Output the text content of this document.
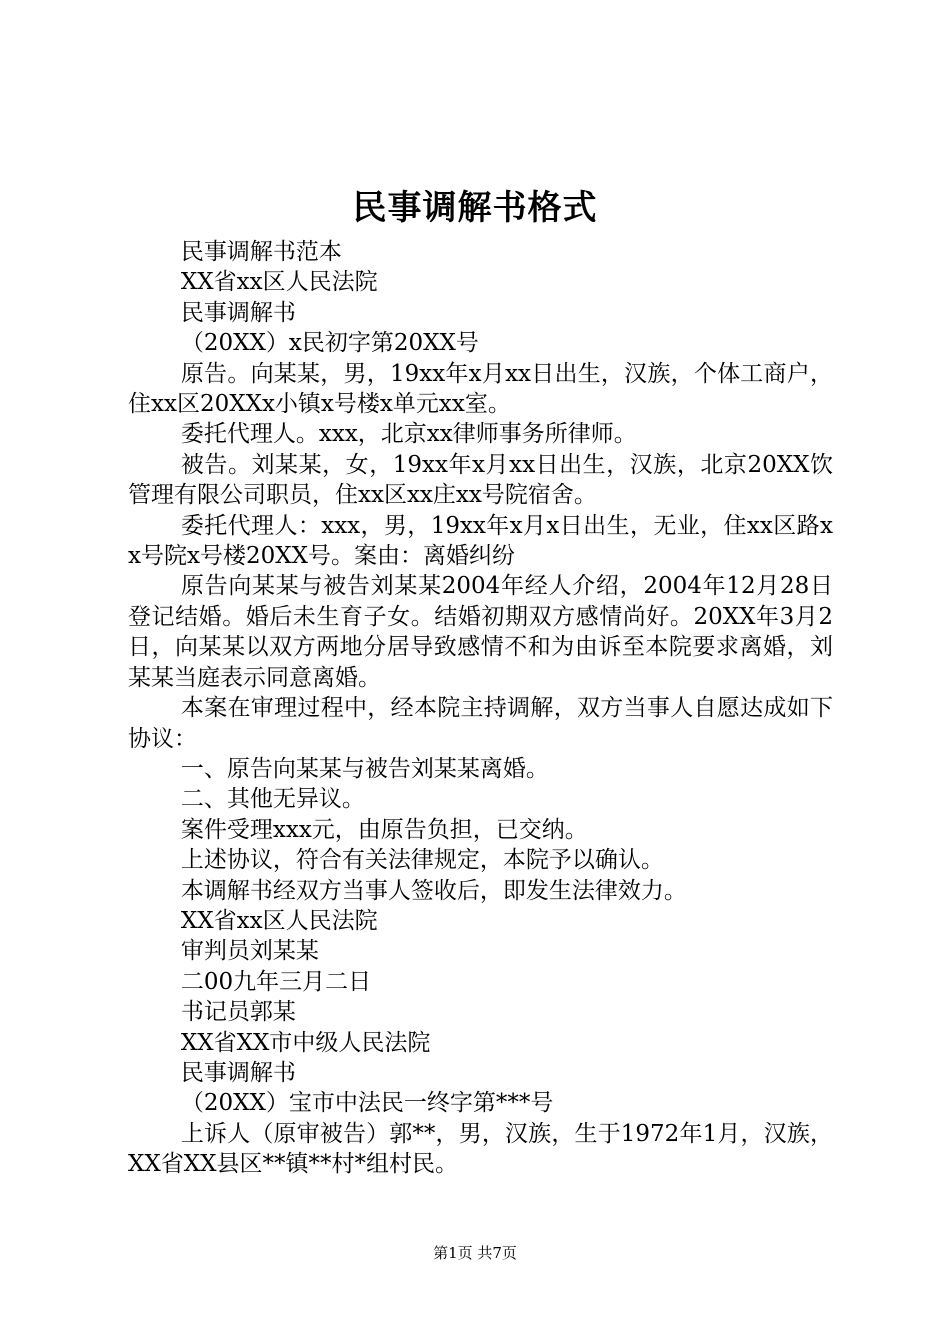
民事调解书格式

民事调解书范本

XX省xx区人民法院

民事调解书

（20XX）x民初字第20XX号

原告。向某某，男，19xx年x月xx日出生，汉族，个体工商户，住xx区20XXx小镇x号楼x单元xx室。

委托代理人。xxx，北京xx律师事务所律师。

被告。刘某某，女，19xx年x月xx日出生，汉族，北京20XX饮管理有限公司职员，住xx区xx庄xx号院宿舍。

委托代理人：xxx，男，19xx年x月x日出生，无业，住xx区路xx号院x号楼20XX号。案由：离婚纠纷

原告向某某与被告刘某某2004年经人介绍，2004年12月28日登记结婚。婚后未生育子女。结婚初期双方感情尚好。20XX年3月2日，向某某以双方两地分居导致感情不和为由诉至本院要求离婚，刘某某当庭表示同意离婚。

本案在审理过程中，经本院主持调解，双方当事人自愿达成如下协议：

一、原告向某某与被告刘某某离婚。

二、其他无异议。

案件受理xxx元，由原告负担，已交纳。

上述协议，符合有关法律规定，本院予以确认。

本调解书经双方当事人签收后，即发生法律效力。

XX省xx区人民法院

审判员刘某某

二00九年三月二日

书记员郭某

XX省XX市中级人民法院

民事调解书

（20XX）宝市中法民一终字第***号

上诉人（原审被告）郭**，男，汉族，生于1972年1月，汉族，XX省XX县区**镇**村*组村民。

第1页 共7页
